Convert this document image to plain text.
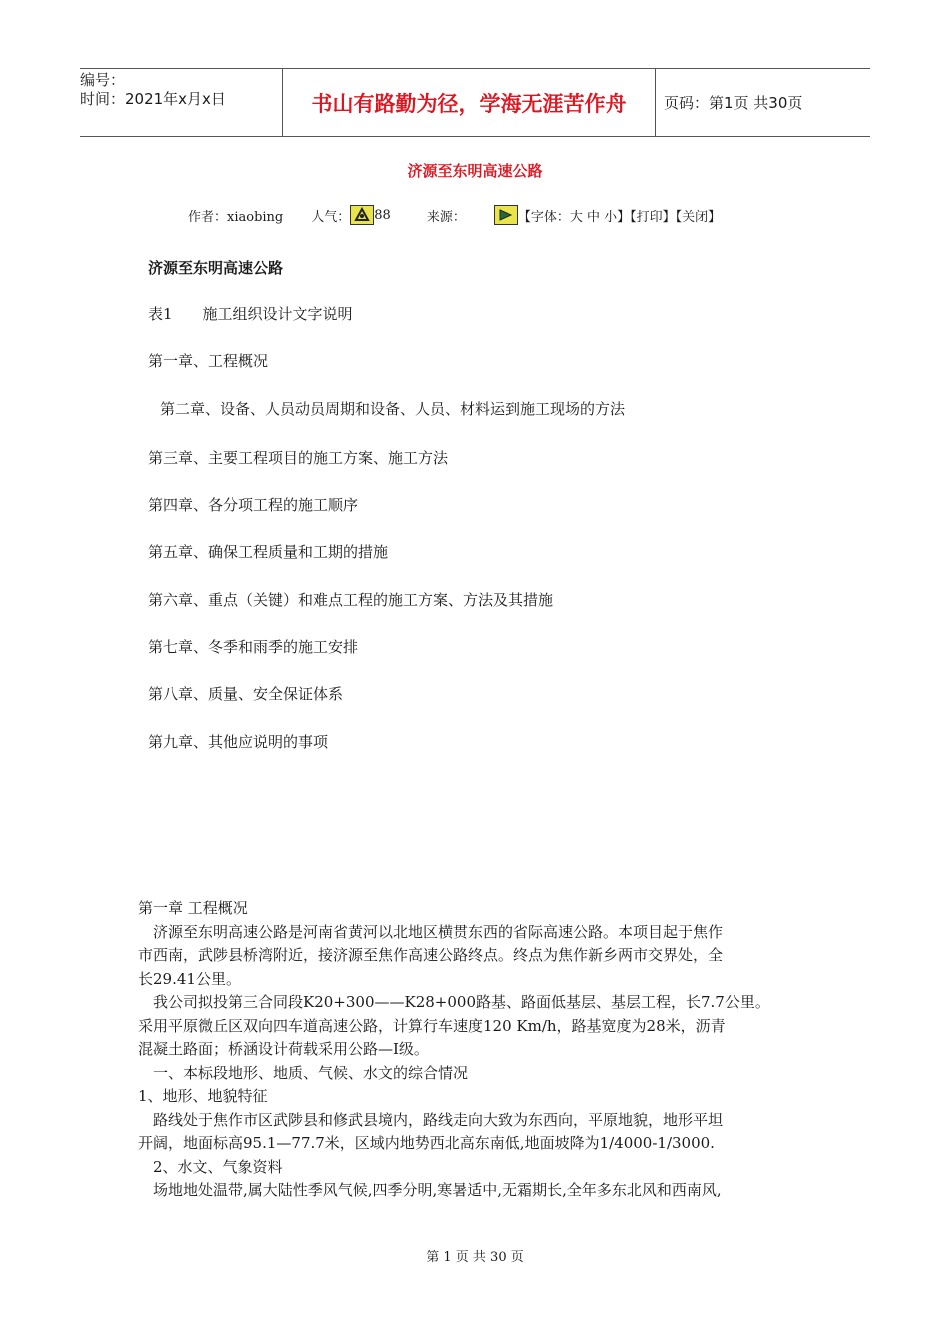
编号：
时间：2021年x月x日	书山有路勤为径，学海无涯苦作舟	页码：第1页 共30页
济源至东明高速公路
作者：xiaobing 人气： 88	来源：	【字体：大 中 小】【打印】【关闭】
济源至东明高速公路
表1　　施工组织设计文字说明
第一章、工程概况
第二章、设备、人员动员周期和设备、人员、材料运到施工现场的方法
第三章、主要工程项目的施工方案、施工方法
第四章、各分项工程的施工顺序
第五章、确保工程质量和工期的措施
第六章、重点（关键）和难点工程的施工方案、方法及其措施
第七章、冬季和雨季的施工安排
第八章、质量、安全保证体系
第九章、其他应说明的事项

第一章 工程概况

　济源至东明高速公路是河南省黄河以北地区横贯东西的省际高速公路。本项目起于焦作

市西南，武陟县桥湾附近，接济源至焦作高速公路终点。终点为焦作新乡两市交界处，全

长29.41公里。

　我公司拟投第三合同段K20+300——K28+000路基、路面低基层、基层工程，长7.7公里。

采用平原微丘区双向四车道高速公路，计算行车速度120 Km/h，路基宽度为28米，沥青

混凝土路面；桥涵设计荷载采用公路—I级。

　一、本标段地形、地质、气候、水文的综合情况

1、地形、地貌特征

　路线处于焦作市区武陟县和修武县境内，路线走向大致为东西向，平原地貌，地形平坦

开阔，地面标高95.1—77.7米，区域内地势西北高东南低,地面坡降为1/4000-1/3000.

　2、水文、气象资料

　场地地处温带,属大陆性季风气候,四季分明,寒暑适中,无霜期长,全年多东北风和西南风,

第 1 页 共 30 页
